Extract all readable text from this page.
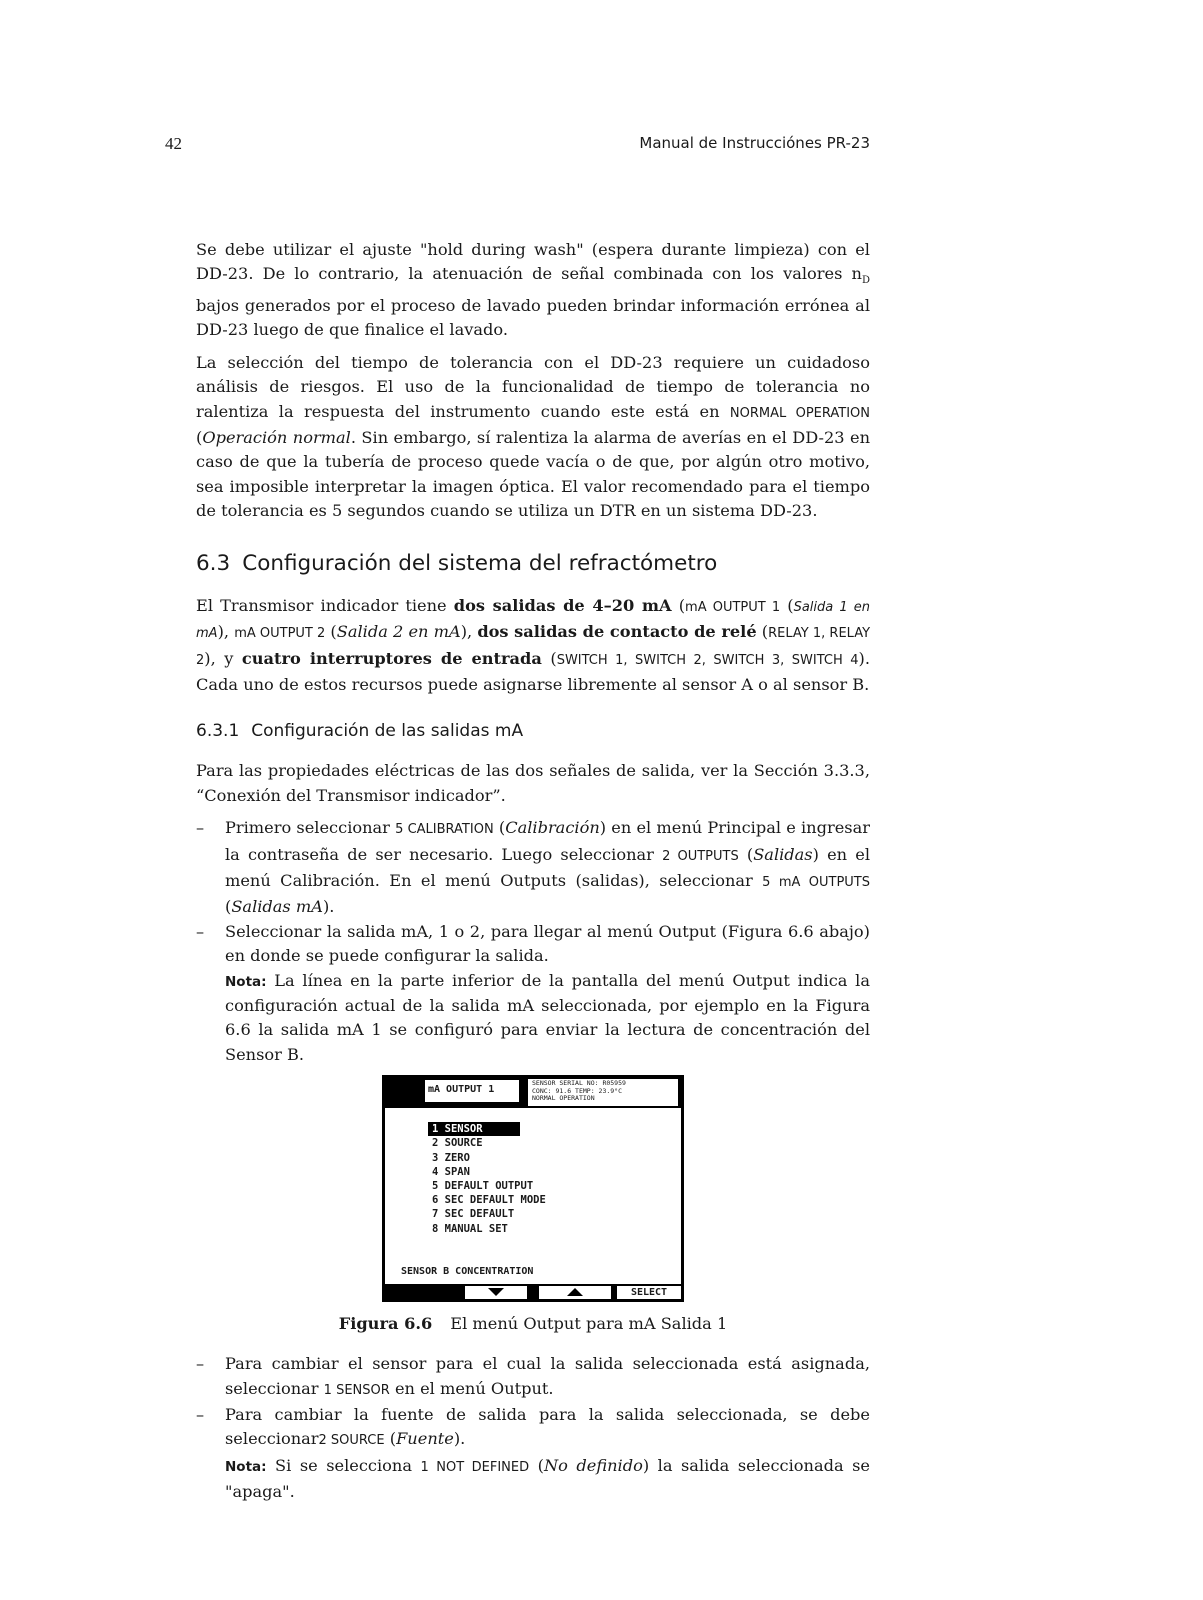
42	Manual de Instrucciónes PR-23

Se debe utilizar el ajuste "hold during wash" (espera durante limpieza) con el DD-23. De lo contrario, la atenuación de señal combinada con los valores $n_D$ bajos generados por el proceso de lavado pueden brindar información errónea al DD-23 luego de que finalice el lavado.

La selección del tiempo de tolerancia con el DD-23 requiere un cuidadoso análisis de riesgos. El uso de la funcionalidad de tiempo de tolerancia no ralentiza la respuesta del instrumento cuando este está en NORMAL OPERATION (Operación normal. Sin embargo, sí ralentiza la alarma de averías en el DD-23 en caso de que la tubería de proceso quede vacía o de que, por algún otro motivo, sea imposible interpretar la imagen óptica. El valor recomendado para el tiempo de tolerancia es 5 segundos cuando se utiliza un DTR en un sistema DD-23.

6.3 Configuración del sistema del refractómetro

El Transmisor indicador tiene dos salidas de 4–20 mA (mA OUTPUT 1 (Salida 1 en mA), mA OUTPUT 2 (Salida 2 en mA), dos salidas de contacto de relé (RELAY 1, RELAY 2), y cuatro interruptores de entrada (SWITCH 1, SWITCH 2, SWITCH 3, SWITCH 4). Cada uno de estos recursos puede asignarse libremente al sensor A o al sensor B.

6.3.1 Configuración de las salidas mA

Para las propiedades eléctricas de las dos señales de salida, ver la Sección 3.3.3, “Conexión del Transmisor indicador”.

– Primero seleccionar 5 CALIBRATION (Calibración) en el menú Principal e ingresar la contraseña de ser necesario. Luego seleccionar 2 OUTPUTS (Salidas) en el menú Calibración. En el menú Outputs (salidas), seleccionar 5 mA OUTPUTS (Salidas mA).
– Seleccionar la salida mA, 1 o 2, para llegar al menú Output (Figura 6.6 abajo) en donde se puede configurar la salida.
Nota: La línea en la parte inferior de la pantalla del menú Output indica la configuración actual de la salida mA seleccionada, por ejemplo en la Figura 6.6 la salida mA 1 se configuró para enviar la lectura de concentración del Sensor B.
mA OUTPUT 1
SENSOR SERIAL NO: R05959
CONC: 91.6 TEMP: 23.9°C
NORMAL OPERATION
1 SENSOR
2 SOURCE
3 ZERO
4 SPAN
5 DEFAULT OUTPUT
6 SEC DEFAULT MODE
7 SEC DEFAULT
8 MANUAL SET
SENSOR B CONCENTRATION
SELECT
Figura 6.6 El menú Output para mA Salida 1
– Para cambiar el sensor para el cual la salida seleccionada está asignada, seleccionar 1 SENSOR en el menú Output.
– Para cambiar la fuente de salida para la salida seleccionada, se debe seleccionar2 SOURCE (Fuente).
Nota: Si se selecciona 1 NOT DEFINED (No definido) la salida seleccionada se "apaga".
